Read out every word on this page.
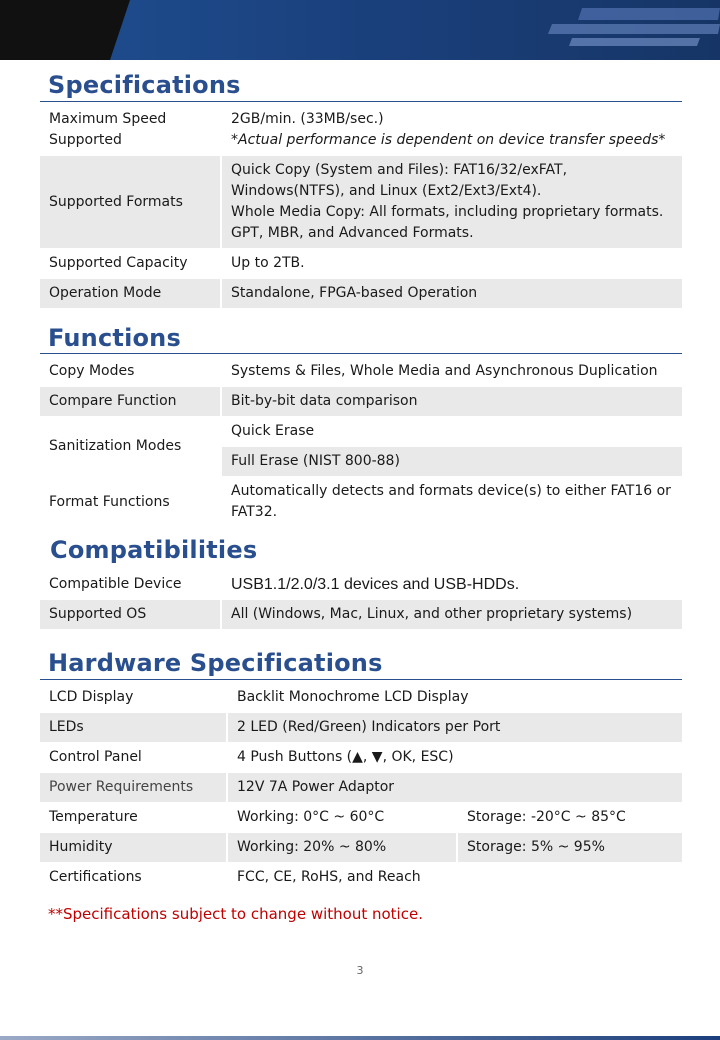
Specifications
Maximum Speed Supported	2GB/min. (33MB/sec.)
*Actual performance is dependent on device transfer speeds*

Supported Formats	Quick Copy (System and Files): FAT16/32/exFAT, Windows(NTFS), and Linux (Ext2/Ext3/Ext4).
Whole Media Copy: All formats, including proprietary formats. GPT, MBR, and Advanced Formats.

Supported Capacity	Up to 2TB.
Operation Mode	Standalone, FPGA-based Operation
Functions
Copy Modes	Systems & Files, Whole Media and Asynchronous Duplication
Compare Function	Bit-by-bit data comparison
Sanitization Modes	Quick Erase
	Full Erase (NIST 800-88)
Format Functions	Automatically detects and formats device(s) to either FAT16 or FAT32.
Compatibilities
Compatible Device	USB1.1/2.0/3.1 devices and USB-HDDs.
Supported OS	All (Windows, Mac, Linux, and other proprietary systems)
Hardware Specifications
LCD Display	Backlit Monochrome LCD Display	
LEDs	2 LED (Red/Green) Indicators per Port	
Control Panel	4 Push Buttons (▲, ▼, OK, ESC)	
Power Requirements	12V 7A Power Adaptor	
Temperature	Working: 0°C ~ 60°C	Storage: -20°C ~ 85°C
Humidity	Working: 20% ~ 80%	Storage: 5% ~ 95%
Certifications	FCC, CE, RoHS, and Reach	
**Specifications subject to change without notice.
3
